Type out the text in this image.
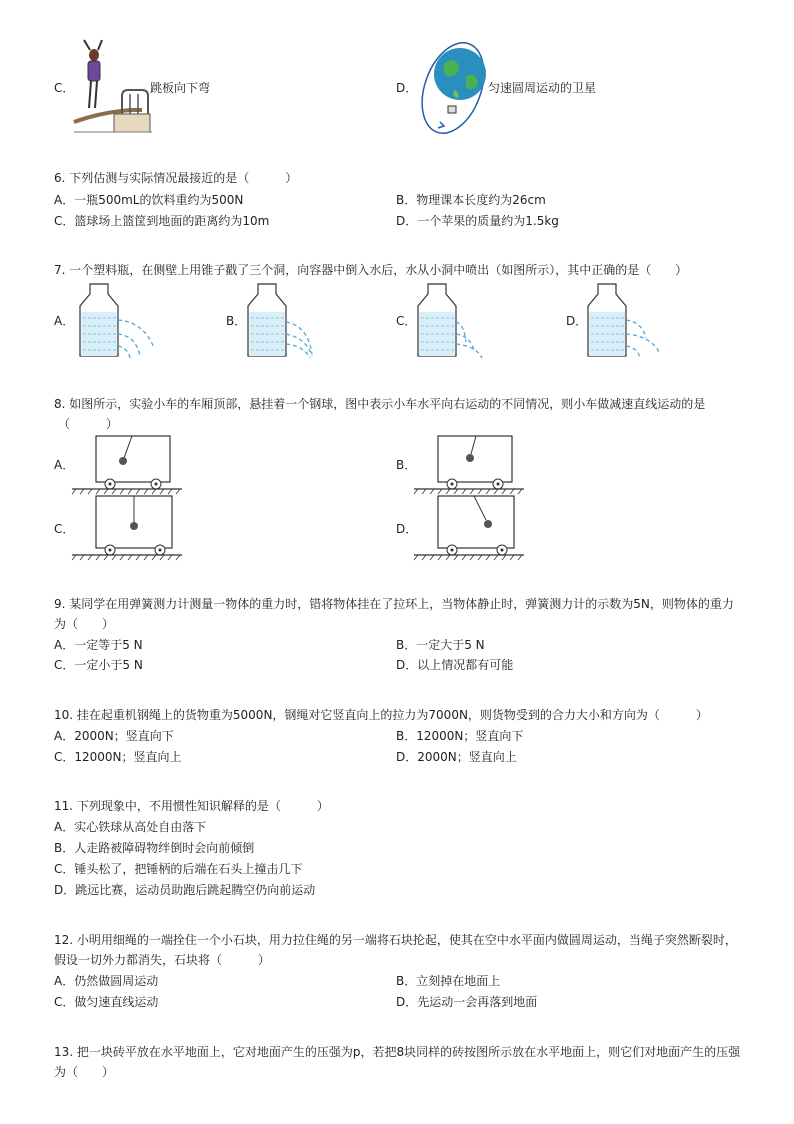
C．	跳板向下弯	D．	匀速圆周运动的卫星
6. 下列估测与实际情况最接近的是（　　　）
A．一瓶500mL的饮料重约为500N	B．物理课本长度约为26cm
C．篮球场上篮筐到地面的距离约为10m	D．一个苹果的质量约为1.5kg
7. 一个塑料瓶，在侧壁上用锥子戳了三个洞，向容器中倒入水后，水从小洞中喷出（如图所示），其中正确的是（　　）
A．	B．	C．	D．
8. 如图所示，实验小车的车厢顶部，悬挂着一个钢球，图中表示小车水平向右运动的不同情况，则小车做减速直线运动的是
（　　　）
A．	B．
C．	D．
9. 某同学在用弹簧测力计测量一物体的重力时，错将物体挂在了拉环上，当物体静止时，弹簧测力计的示数为5N，则物体的重力
为（　　）
A．一定等于5 N	B．一定大于5 N
C．一定小于5 N	D．以上情况都有可能
10. 挂在起重机钢绳上的货物重为5000N，钢绳对它竖直向上的拉力为7000N，则货物受到的合力大小和方向为（　　　）
A．2000N；竖直向下	B．12000N；竖直向下
C．12000N；竖直向上	D．2000N；竖直向上
11. 下列现象中，不用惯性知识解释的是（　　　）
A．实心铁球从高处自由落下
B．人走路被障碍物绊倒时会向前倾倒
C．锤头松了，把锤柄的后端在石头上撞击几下
D．跳远比赛，运动员助跑后跳起腾空仍向前运动
12. 小明用细绳的一端拴住一个小石块，用力拉住绳的另一端将石块抡起，使其在空中水平面内做圆周运动，当绳子突然断裂时，
假设一切外力都消失，石块将（　　　）
A．仍然做圆周运动	B．立刻掉在地面上
C．做匀速直线运动	D．先运动一会再落到地面
13. 把一块砖平放在水平地面上，它对地面产生的压强为p，若把8块同样的砖按图所示放在水平地面上，则它们对地面产生的压强
为（　　）
